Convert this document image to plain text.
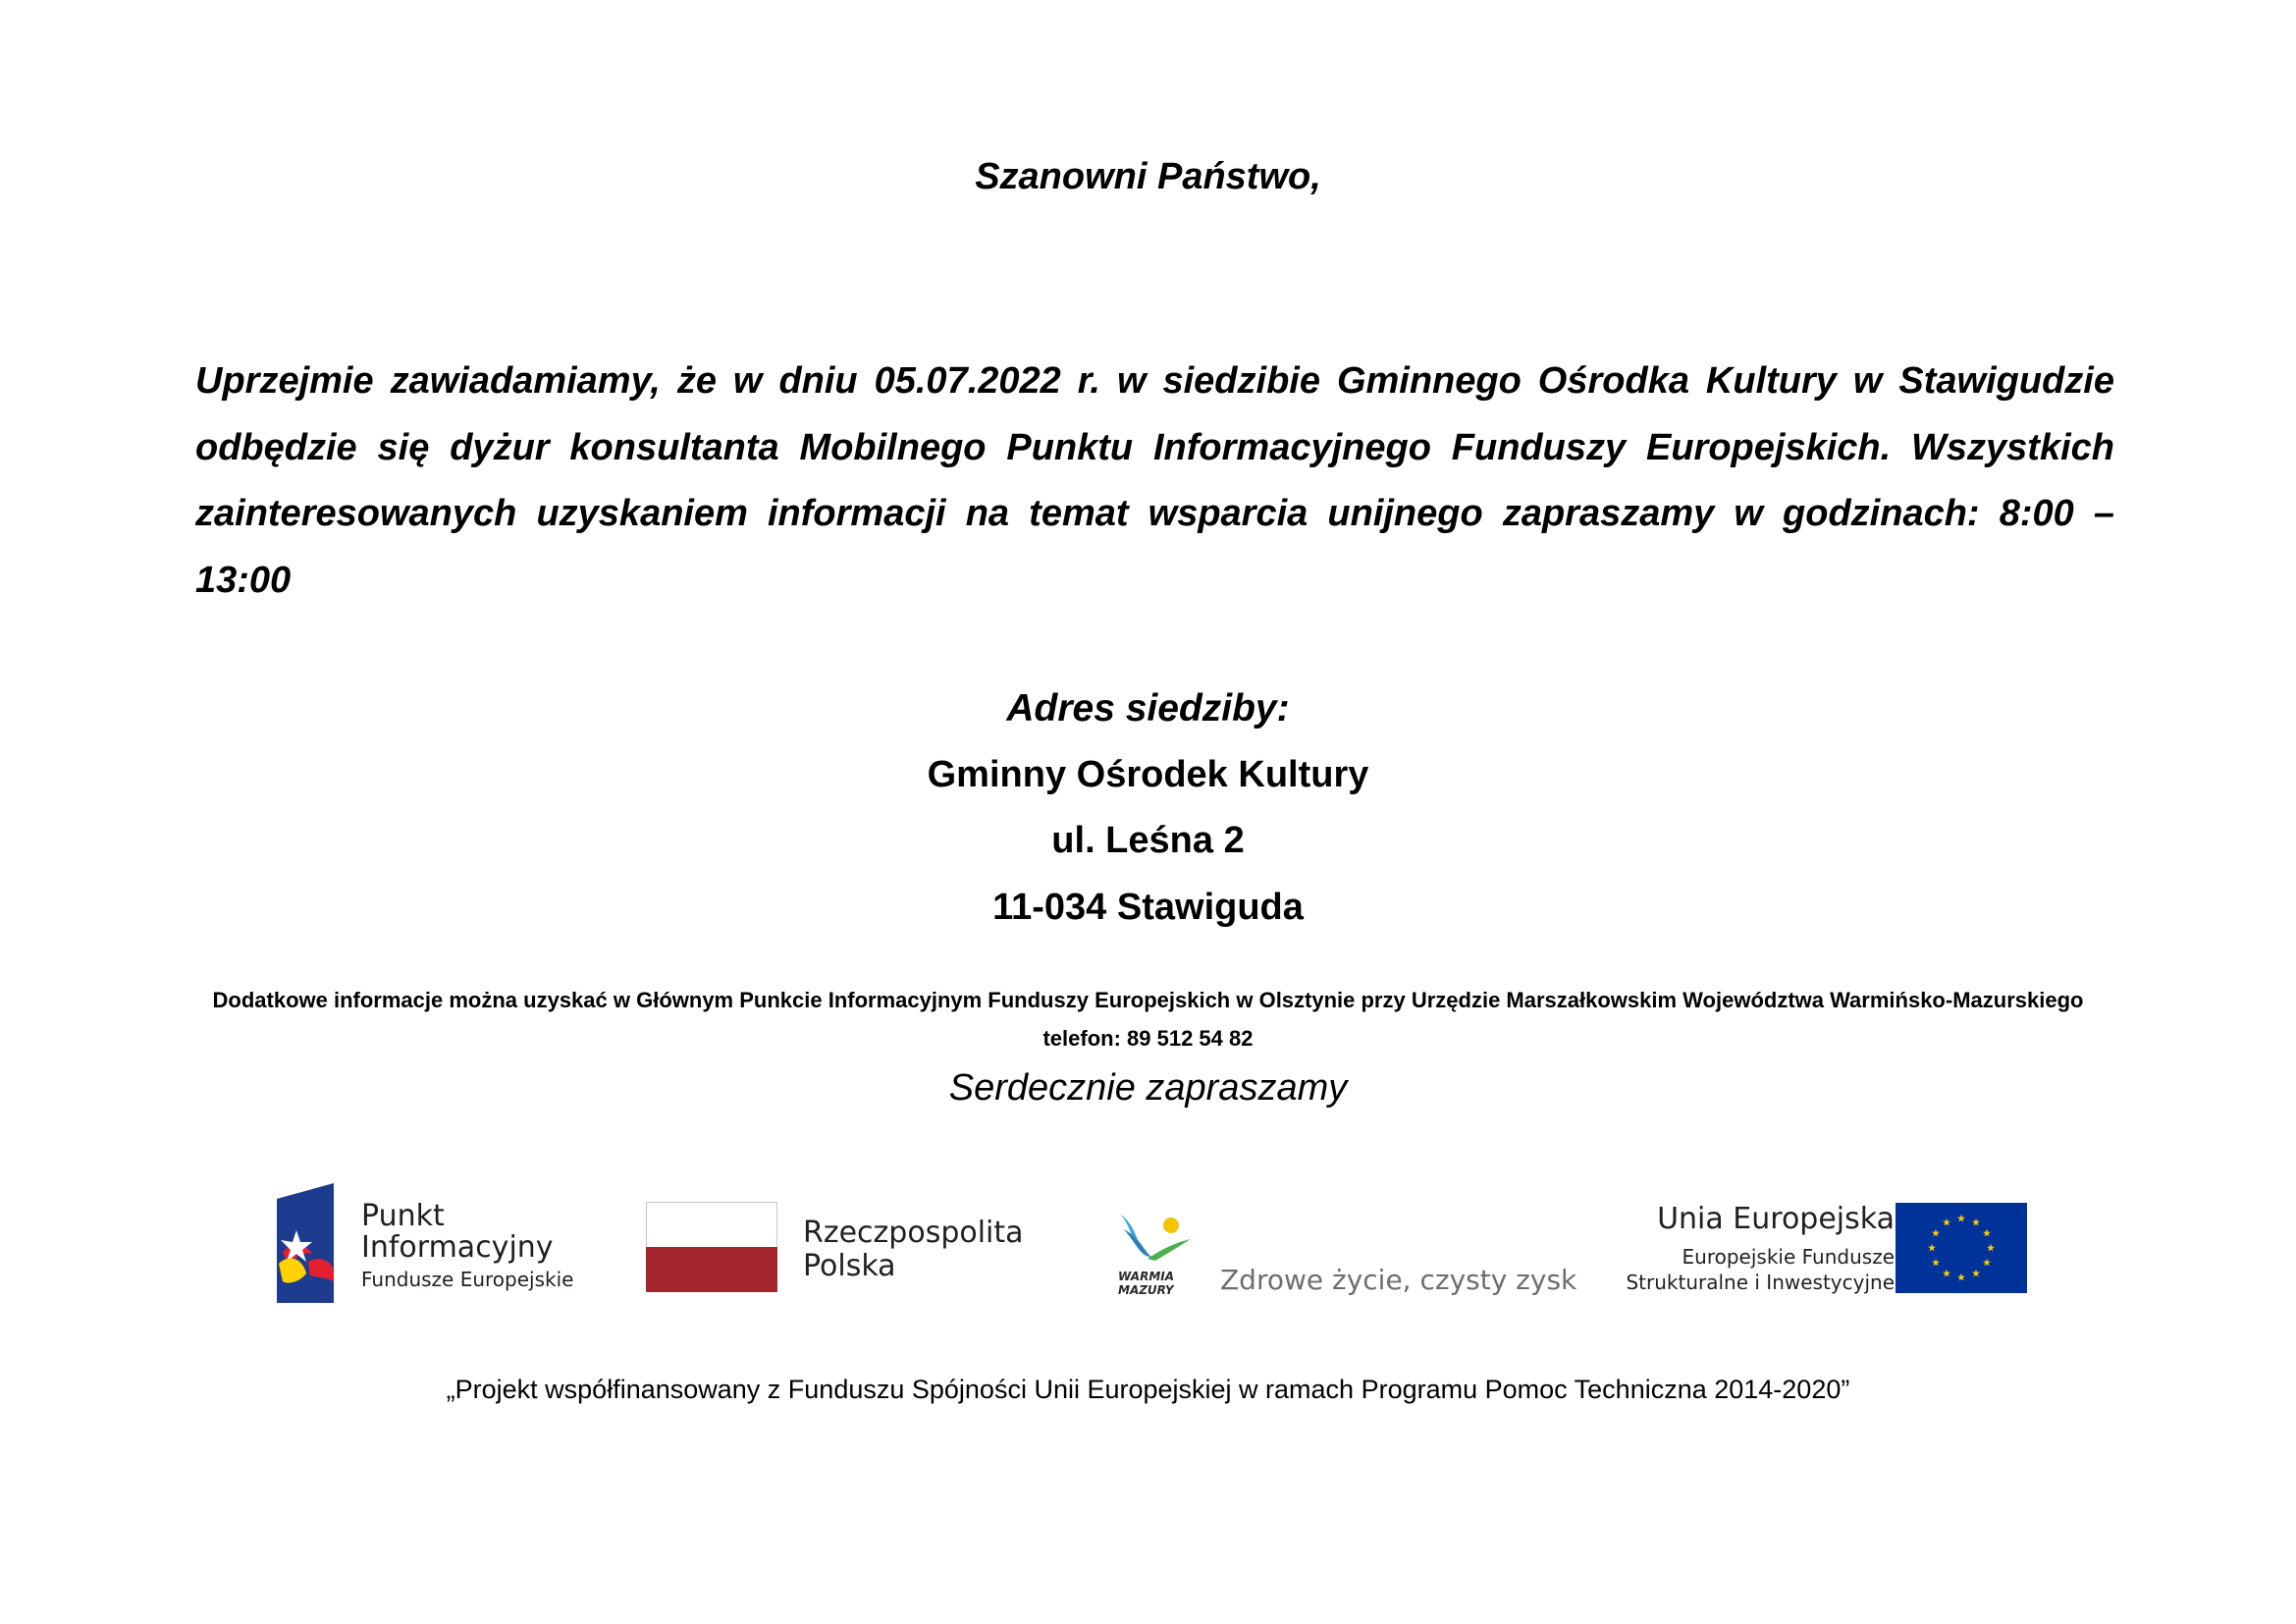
Szanowni Państwo,
Uprzejmie zawiadamiamy, że w dniu 05.07.2022 r. w siedzibie Gminnego Ośrodka Kultury w Stawigudzie odbędzie się dyżur konsultanta Mobilnego Punktu Informacyjnego Funduszy Europejskich. Wszystkich zainteresowanych uzyskaniem informacji na temat wsparcia unijnego zapraszamy w godzinach: 8:00 – 13:00
Adres siedziby:
Gminny Ośrodek Kultury
ul. Leśna 2
11-034 Stawiguda
Dodatkowe informacje można uzyskać w Głównym Punkcie Informacyjnym Funduszy Europejskich w Olsztynie przy Urzędzie Marszałkowskim Województwa Warmińsko-Mazurskiego
telefon: 89 512 54 82
Serdecznie zapraszamy
Punkt
Informacyjny
Fundusze Europejskie
Rzeczpospolita
Polska	WARMIA
MAZURY Zdrowe życie, czysty zysk
Unia Europejska
Europejskie Fundusze
Strukturalne i Inwestycyjne
„Projekt współfinansowany z Funduszu Spójności Unii Europejskiej w ramach Programu Pomoc Techniczna 2014-2020”
